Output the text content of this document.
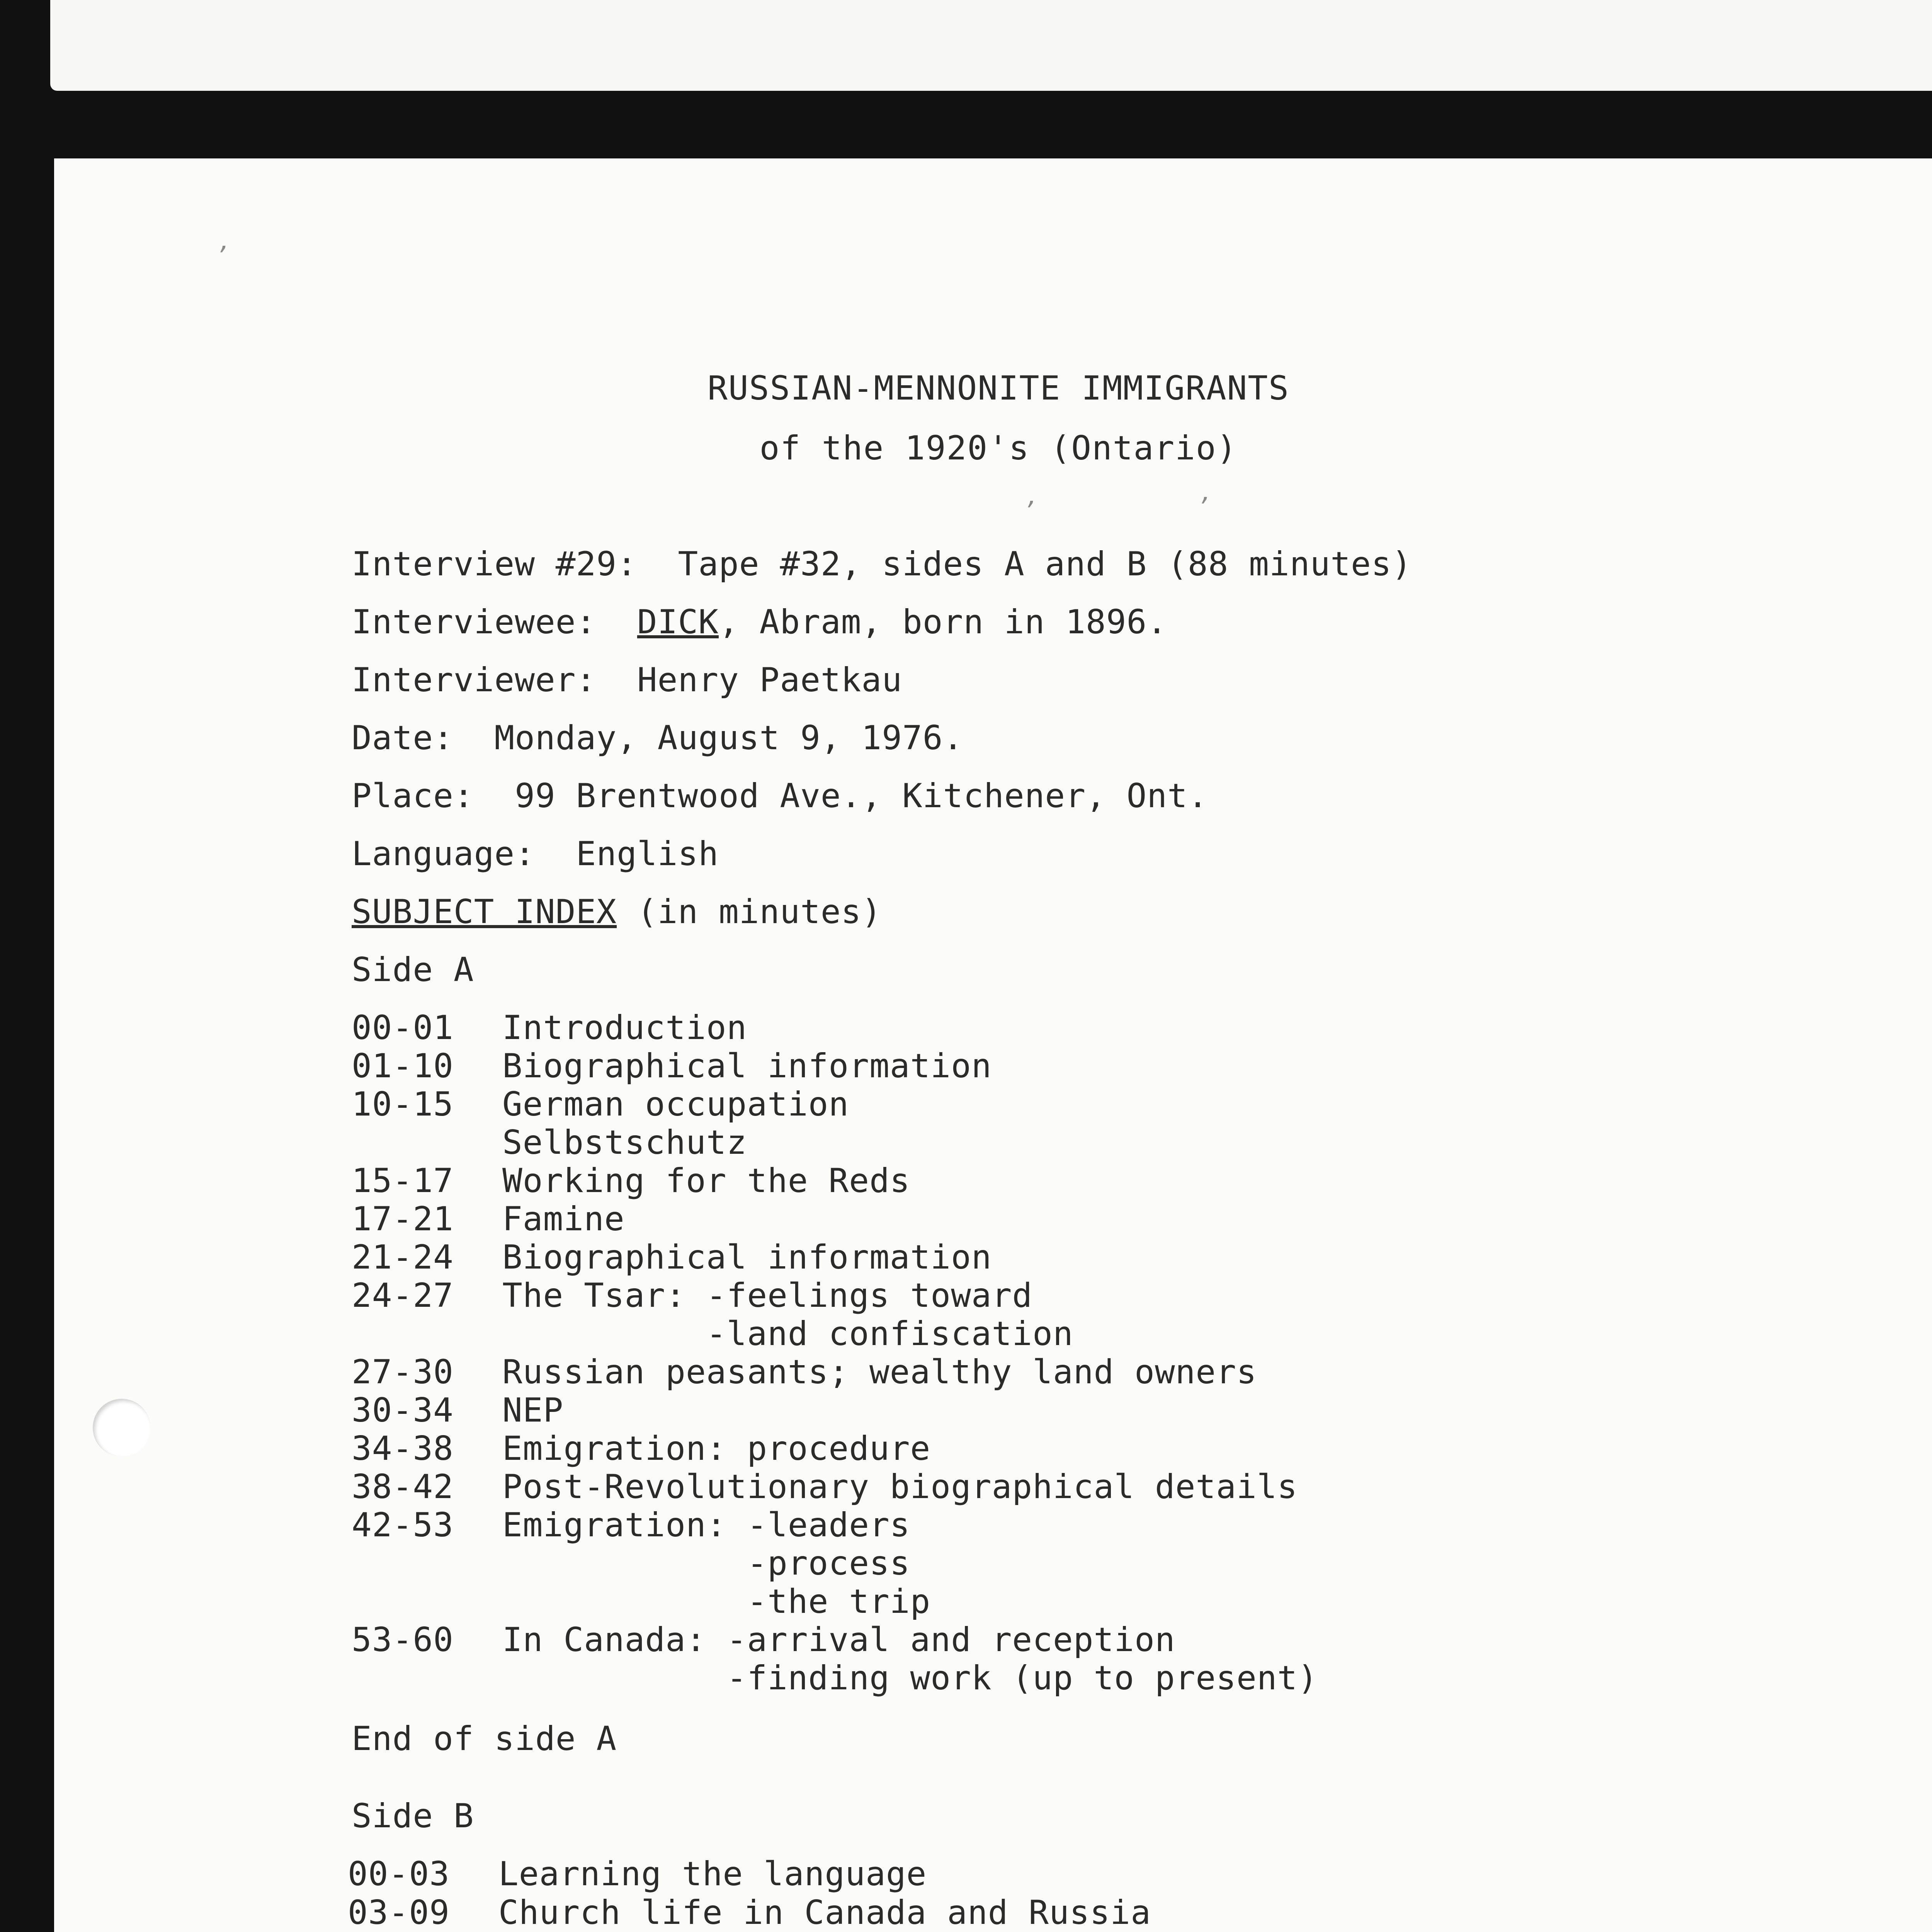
,
,	,
RUSSIAN-MENNONITE IMMIGRANTS
of the 1920's (Ontario)
Interview #29: Tape #32, sides A and B (88 minutes)
Interviewee: DICK, Abram, born in 1896.
Interviewer: Henry Paetkau
Date: Monday, August 9, 1976.
Place: 99 Brentwood Ave., Kitchener, Ont.
Language: English
SUBJECT INDEX (in minutes)
Side A
00-01 Introduction
01-10 Biographical information
10-15 German occupation
Selbstschutz
15-17 Working for the Reds
17-21 Famine
21-24 Biographical information
24-27 The Tsar: -feelings toward
-land confiscation
27-30 Russian peasants; wealthy land owners
30-34 NEP
34-38 Emigration: procedure
38-42 Post-Revolutionary biographical details
42-53 Emigration: -leaders
-process
-the trip
53-60 In Canada: -arrival and reception
-finding work (up to present)
End of side A
Side B
00-03 Learning the language
03-09 Church life in Canada and Russia
